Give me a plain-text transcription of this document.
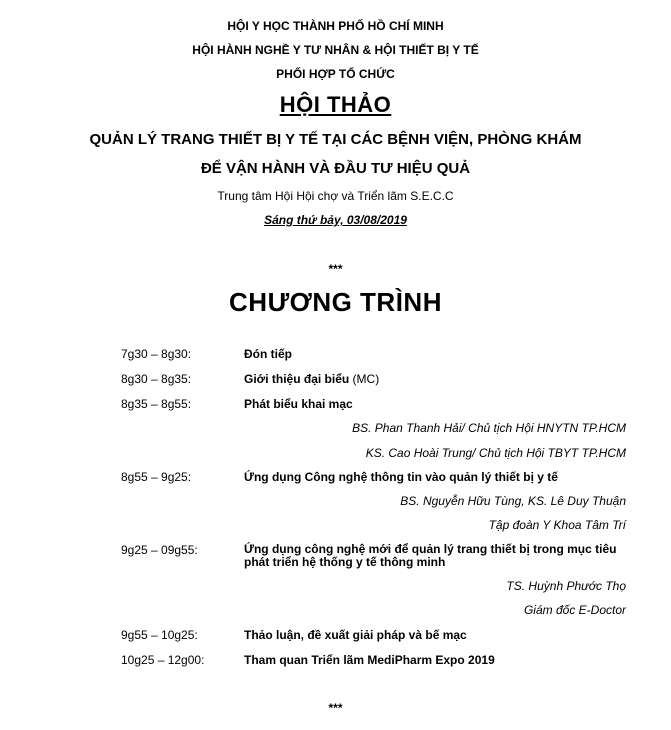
HỘI Y HỌC THÀNH PHỐ HỒ CHÍ MINH
HỘI HÀNH NGHỀ Y TƯ NHÂN & HỘI THIẾT BỊ Y TẾ
PHỐI HỢP TỔ CHỨC
HỘI THẢO
QUẢN LÝ TRANG THIẾT BỊ Y TẾ TẠI CÁC BỆNH VIỆN, PHÒNG KHÁM
ĐỂ VẬN HÀNH VÀ ĐẦU TƯ HIỆU QUẢ
Trung tâm Hội Hội chợ và Triển lãm S.E.C.C
Sáng thứ bảy, 03/08/2019
***
CHƯƠNG TRÌNH
7g30 – 8g30:	Đón tiếp
8g30 – 8g35:	Giới thiệu đại biểu (MC)
8g35 – 8g55:	Phát biểu khai mạc
BS. Phan Thanh Hải/ Chủ tịch Hội HNYTN TP.HCM
KS. Cao Hoài Trung/ Chủ tịch Hội TBYT TP.HCM
8g55 – 9g25:	Ứng dụng Công nghệ thông tin vào quản lý thiết bị y tế
BS. Nguyễn Hữu Tùng, KS. Lê Duy Thuận
Tập đoàn Y Khoa Tâm Trí
9g25 – 09g55:	Ứng dụng công nghệ mới để quản lý trang thiết bị trong mục tiêu phát triển hệ thống y tế thông minh
TS. Huỳnh Phước Thọ
Giám đốc E-Doctor
9g55 – 10g25:	Thảo luận, đề xuất giải pháp và bế mạc
10g25 – 12g00:	Tham quan Triển lãm MediPharm Expo 2019
***
